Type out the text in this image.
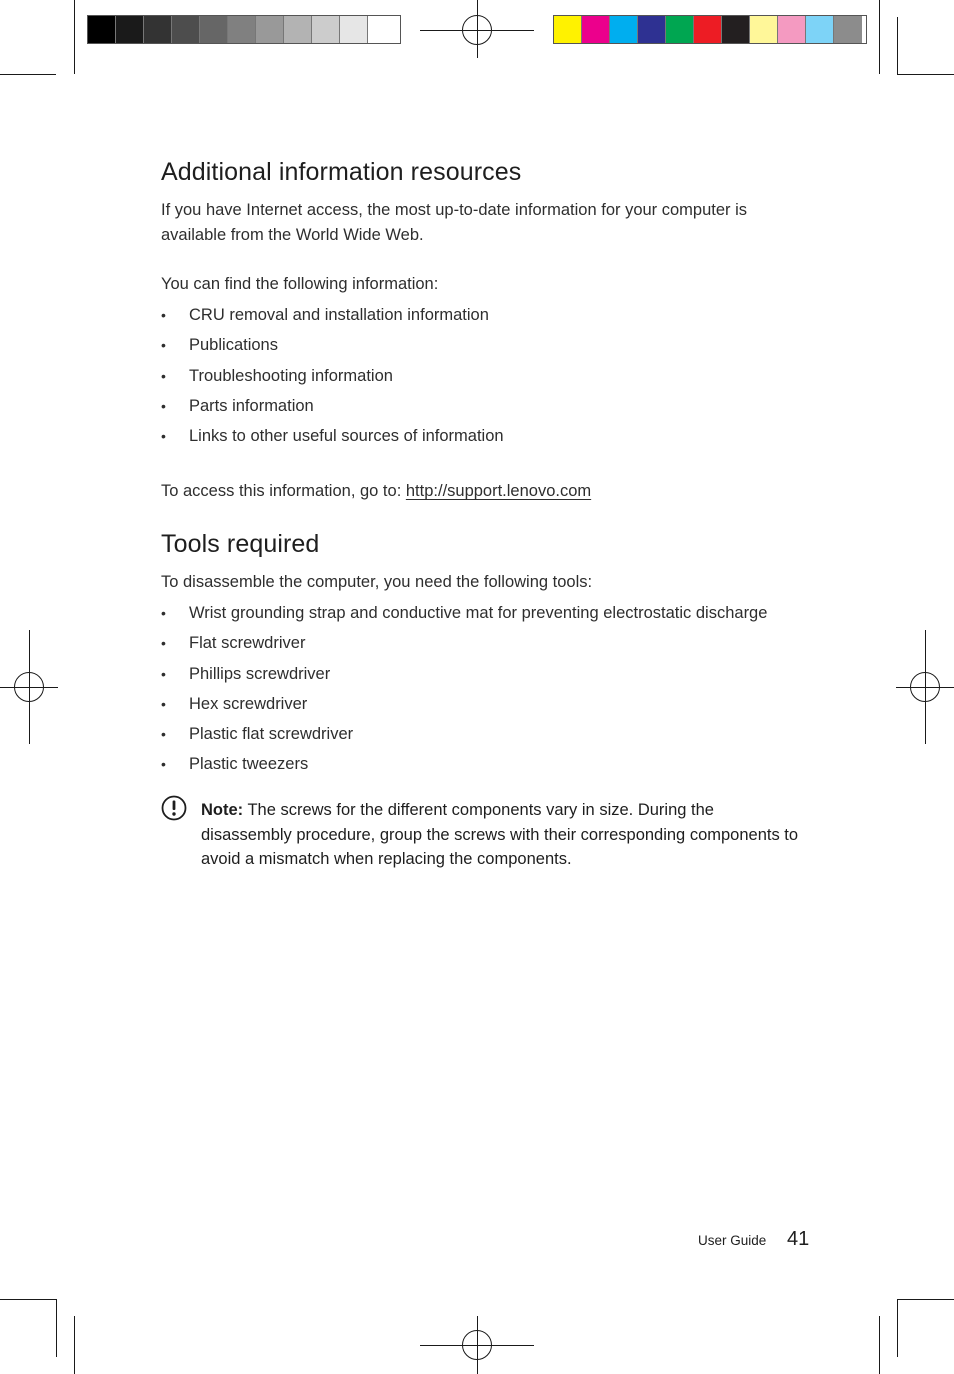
Additional information resources

If you have Internet access, the most up-to-date information for your computer is available from the World Wide Web.

You can find the following information:

• CRU removal and installation information
• Publications
• Troubleshooting information
• Parts information
• Links to other useful sources of information

To access this information, go to: http://support.lenovo.com

Tools required

To disassemble the computer, you need the following tools:

• Wrist grounding strap and conductive mat for preventing electrostatic discharge
• Flat screwdriver
• Phillips screwdriver
• Hex screwdriver
• Plastic flat screwdriver
• Plastic tweezers
Note: The screws for the different components vary in size. During the disassembly procedure, group the screws with their corresponding components to avoid a mismatch when replacing the components.
User Guide 41
